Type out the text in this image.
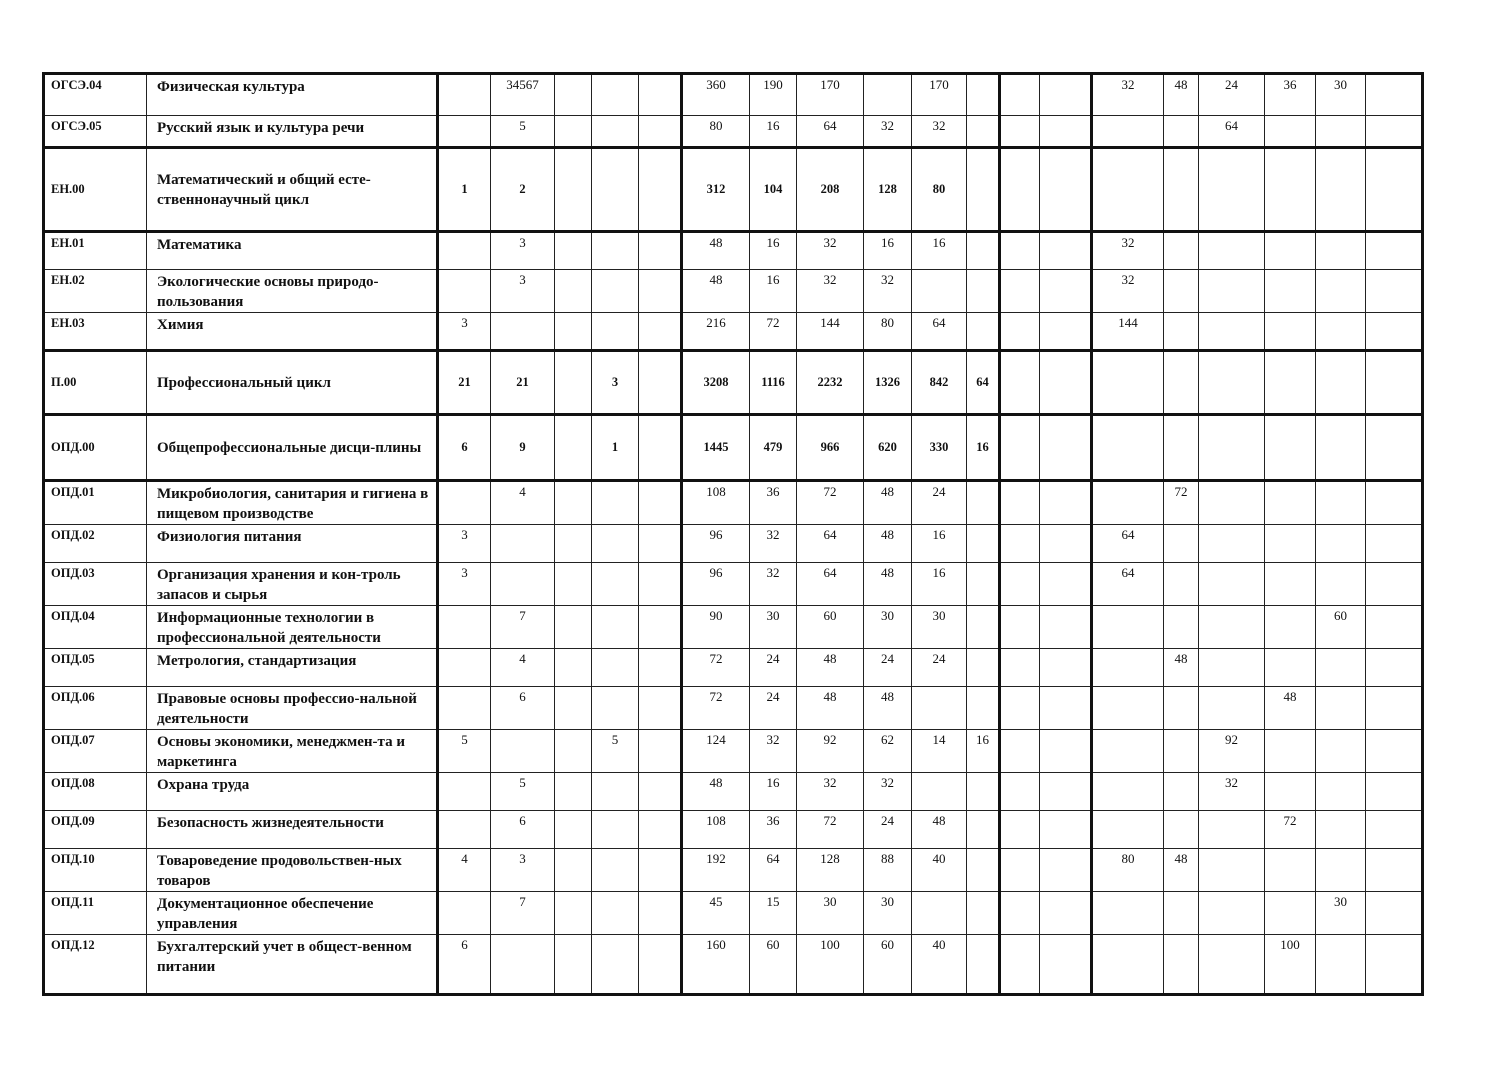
ОГСЭ.04	Физическая культура		34567				360	190	170		170				32	48	24	36	30	
ОГСЭ.05	Русский язык и культура речи		5				80	16	64	32	32						64			
ЕН.00	Математический и общий есте-ственнонаучный цикл	1	2				312	104	208	128	80									
ЕН.01	Математика		3				48	16	32	16	16				32					
ЕН.02	Экологические основы природо-пользования		3				48	16	32	32					32					
ЕН.03	Химия	3					216	72	144	80	64				144					
П.00	Профессиональный цикл	21	21		3		3208	1116	2232	1326	842	64								
ОПД.00	Общепрофессиональные дисци-плины	6	9		1		1445	479	966	620	330	16								
ОПД.01	Микробиология, санитария и гигиена в пищевом производстве		4				108	36	72	48	24					72				
ОПД.02	Физиология питания	3					96	32	64	48	16				64					
ОПД.03	Организация хранения и кон-троль запасов и сырья	3					96	32	64	48	16				64					
ОПД.04	Информационные технологии в профессиональной деятельности		7				90	30	60	30	30								60	
ОПД.05	Метрология, стандартизация		4				72	24	48	24	24					48				
ОПД.06	Правовые основы профессио-нальной деятельности		6				72	24	48	48								48		
ОПД.07	Основы экономики, менеджмен-та и маркетинга	5			5		124	32	92	62	14	16					92			
ОПД.08	Охрана труда		5				48	16	32	32							32			
ОПД.09	Безопасность жизнедеятельности		6				108	36	72	24	48							72		
ОПД.10	Товароведение продовольствен-ных товаров	4	3				192	64	128	88	40				80	48				
ОПД.11	Документационное обеспечение управления		7				45	15	30	30									30	
ОПД.12	Бухгалтерский учет в общест-венном питании	6					160	60	100	60	40							100		
